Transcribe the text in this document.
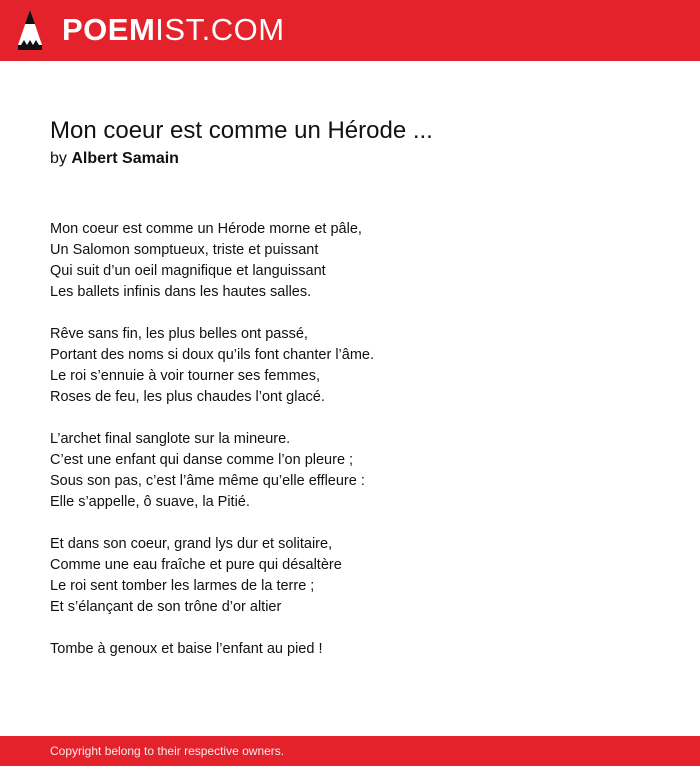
POEMIST.COM
Mon coeur est comme un Hérode ...
by Albert Samain
Mon coeur est comme un Hérode morne et pâle,
Un Salomon somptueux, triste et puissant
Qui suit d’un oeil magnifique et languissant
Les ballets infinis dans les hautes salles.
Rêve sans fin, les plus belles ont passé,
Portant des noms si doux qu’ils font chanter l’âme.
Le roi s’ennuie à voir tourner ses femmes,
Roses de feu, les plus chaudes l’ont glacé.
L’archet final sanglote sur la mineure.
C’est une enfant qui danse comme l’on pleure ;
Sous son pas, c’est l’âme même qu’elle effleure :
Elle s’appelle, ô suave, la Pitié.
Et dans son coeur, grand lys dur et solitaire,
Comme une eau fraîche et pure qui désaltère
Le roi sent tomber les larmes de la terre ;
Et s’élançant de son trône d’or altier
Tombe à genoux et baise l’enfant au pied !
Copyright belong to their respective owners.
